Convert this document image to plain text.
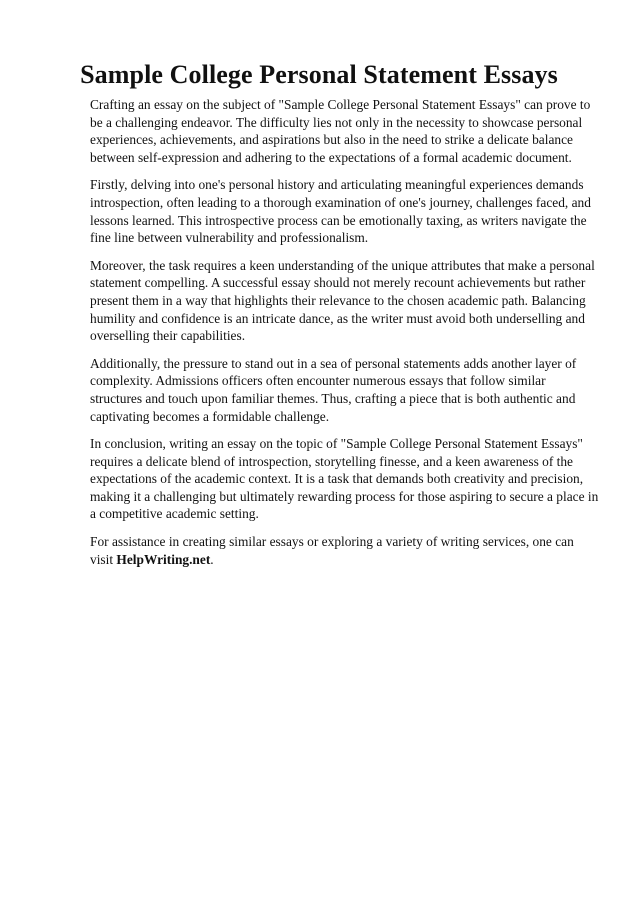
Sample College Personal Statement Essays

Crafting an essay on the subject of "Sample College Personal Statement Essays" can prove to be a challenging endeavor. The difficulty lies not only in the necessity to showcase personal experiences, achievements, and aspirations but also in the need to strike a delicate balance between self-expression and adhering to the expectations of a formal academic document.

Firstly, delving into one's personal history and articulating meaningful experiences demands introspection, often leading to a thorough examination of one's journey, challenges faced, and lessons learned. This introspective process can be emotionally taxing, as writers navigate the fine line between vulnerability and professionalism.

Moreover, the task requires a keen understanding of the unique attributes that make a personal statement compelling. A successful essay should not merely recount achievements but rather present them in a way that highlights their relevance to the chosen academic path. Balancing humility and confidence is an intricate dance, as the writer must avoid both underselling and overselling their capabilities.

Additionally, the pressure to stand out in a sea of personal statements adds another layer of complexity. Admissions officers often encounter numerous essays that follow similar structures and touch upon familiar themes. Thus, crafting a piece that is both authentic and captivating becomes a formidable challenge.

In conclusion, writing an essay on the topic of "Sample College Personal Statement Essays" requires a delicate blend of introspection, storytelling finesse, and a keen awareness of the expectations of the academic context. It is a task that demands both creativity and precision, making it a challenging but ultimately rewarding process for those aspiring to secure a place in a competitive academic setting.

For assistance in creating similar essays or exploring a variety of writing services, one can visit HelpWriting.net.
